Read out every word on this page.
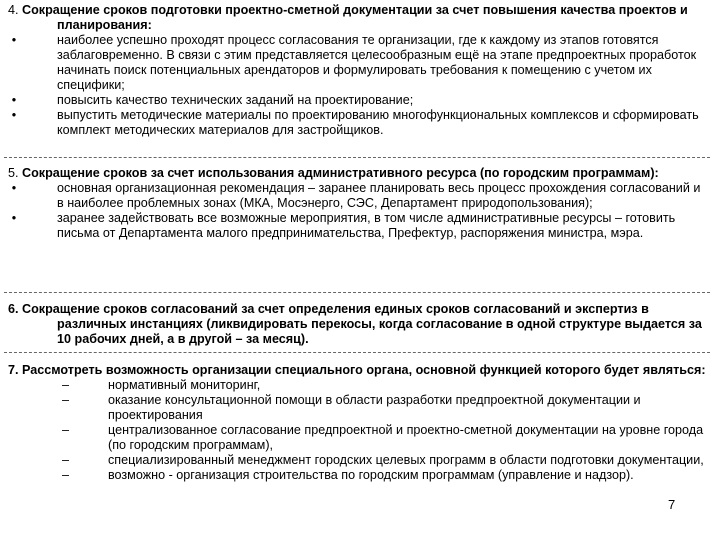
4. Сокращение сроков подготовки проектно-сметной документации за счет повышения качества проектов и планирования:
•	наиболее успешно проходят процесс согласования те организации, где к каждому из этапов готовятся заблаговременно. В связи с этим представляется целесообразным ещё на этапе предпроектных проработок начинать поиск потенциальных арендаторов и формулировать требования к помещению с учетом их специфики;
•	повысить качество технических заданий на проектирование;
•	выпустить методические материалы по проектированию многофункциональных комплексов и сформировать комплект методических материалов для застройщиков.
5. Сокращение сроков за счет использования административного ресурса (по городским программам):
•	основная организационная рекомендация – заранее планировать весь процесс прохождения согласований и в наиболее проблемных зонах (МКА, Мосэнерго, СЭС, Департамент природопользования);
•	заранее задействовать все возможные мероприятия, в том числе административные ресурсы – готовить письма от Департамента малого предпринимательства, Префектур, распоряжения министра, мэра.
6. Сокращение сроков согласований за счет определения единых сроков согласований и экспертиз в различных инстанциях (ликвидировать перекосы, когда согласование в одной структуре выдается за 10 рабочих дней, а в другой – за месяц).
7. Рассмотреть возможность организации специального органа, основной функцией которого будет являться:
–	нормативный мониторинг,
–	оказание консультационной помощи в области разработки предпроектной документации и проектирования
–	централизованное согласование предпроектной и проектно-сметной документации на уровне города (по городским программам),
–	специализированный менеджмент городских целевых программ в области подготовки документации,
–	возможно - организация строительства по городским программам (управление и надзор).
7
